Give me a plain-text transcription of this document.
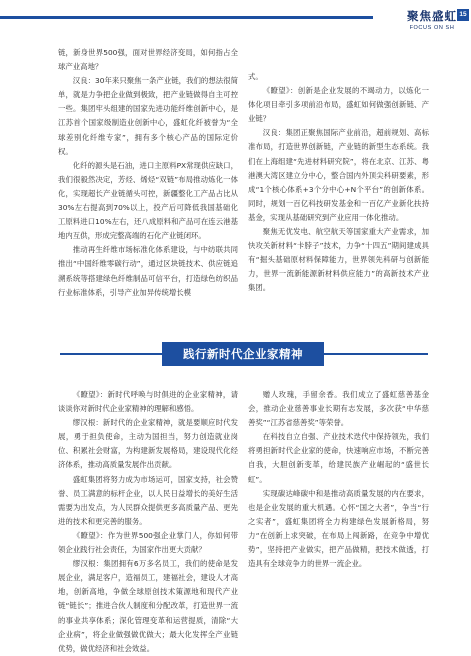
聚焦盛虹
FOCUS ON SH
15

链，新身世界500强，面对世界经济变局，如何指占全球产业高地？

汉良：30年来只聚焦一条产业链，我们的想法很简单，就是力争把企业做到极致，把产业链做得自主可控一些。集团牢头组建的国家先进功能纤维创新中心，是江苏首个国家级制造业创新中心，盛虹化纤被誉为“全球差别化纤维专家”，拥有多个核心产品的国际定价权。

化纤的源头是石油，进口主原料PX常现供应缺口，我们很毅然决定，芳烃、烯烃“双链”布局推动炼化一体化，实现超长产业链循头可控，新疆整化工产品占比从30%左右提高到70%以上，投产后可降低我国基础化工原料进口10%左右，还八成原料和产品可在连云港基地内互供，形成完整高端的石化产业链闭环。

推动再生纤维市场标准化体系建设，与中纺联共同推出“中国纤维零碳行动”，通过区块链技术、供应链追溯系统等搭建绿色纤维制品可信平台，打造绿色纺织品行业标准体系，引导产业加异传统增长模

式。

《瞭望》：创新是企业发展的不竭动力，以炼化一体化项目牵引多项前沿布局，盛虹如何做强创新链、产业链？

汉良：集团正聚焦国际产业前沿，超前规划、高标准布局，打造世界创新链，产业链的新型生态系统。我们在上海组建“先进材料研究院”，将在北京、江苏、粤港澳大湾区建立分中心，整合国内外顶尖科研要素，形成“1个核心体系+3个分中心+N个平台”的创新体系。同时，规划一百亿科技研发基金和一百亿产业新化扶持基金，实现从基础研究到产业应用一体化推动。

聚焦无优发电、航空航天等国家重大产业需求，加快攻关新材料“卡脖子”技术，力争“十四五”期间建成具有“掘头基础原材料保障能力，世界领先科研与创新能力，世界一流新能源新材料供应能力”的高新技术产业集团。

践行新时代企业家精神

《瞭望》：新时代呼唤与时俱进的企业家精神，请谈谈你对新时代企业家精神的理解和感悟。

缪汉根：新时代的企业家精神，就是要顺应时代发展，勇于担负使命，主动为国担当，努力创造就业岗位、积累社会财富，为构建新发展格局，建设现代化经济体系，推动高质量发展作出贡献。

盛虹集团将努力成为市场运可，国家支持，社会赞誉、员工满意的标杆企业，以人民日益增长的美好生活需要为出发点，为人民群众提供更多高质量产品、更先进的技术和更完善的服务。

《瞭望》：作为世界500强企业掌门人，你如何带领企业践行社会责任，为国家作出更大贡献？

缪汉根：集团拥有6万多名员工，我们的使命是发展企业，满足客户，造福员工，建福社会，建设人才高地，创新高地，争做全球原创技术策源地和现代产业链“链长”；推进合伙人制度和分配改革，打造世界一流的事业共享体系；深化管理变革和运营提质，清除“大企业病”，将企业做强做优做大；最大化发挥全产业链优势，做优经济和社会效益。

赠人玫瑰，手留余香。我们成立了盛虹慈善基金会，推动企业慈善事业长期有志发展，多次获“中华慈善奖”“江苏省慈善奖”等荣誉。

在科技自立自强、产业技术迭代中保持领先，我们将勇担新时代企业家的使命，快速响应市场，不断完善自我，大胆创新变革，给建民族产业崛起的“盛世长虹”。

实现碳达峰碳中和是推动高质量发展的内在要求，也是企业发展的重大机遇。心怀“国之大者”，争当“行之实者”，盛虹集团将全力构建绿色发展新格局，努力“在创新上求突破，在布局上闯新路，在竞争中增优势”，坚持把产业做实，把产品做精，把技术做透，打造具有全球竞争力的世界一流企业。
